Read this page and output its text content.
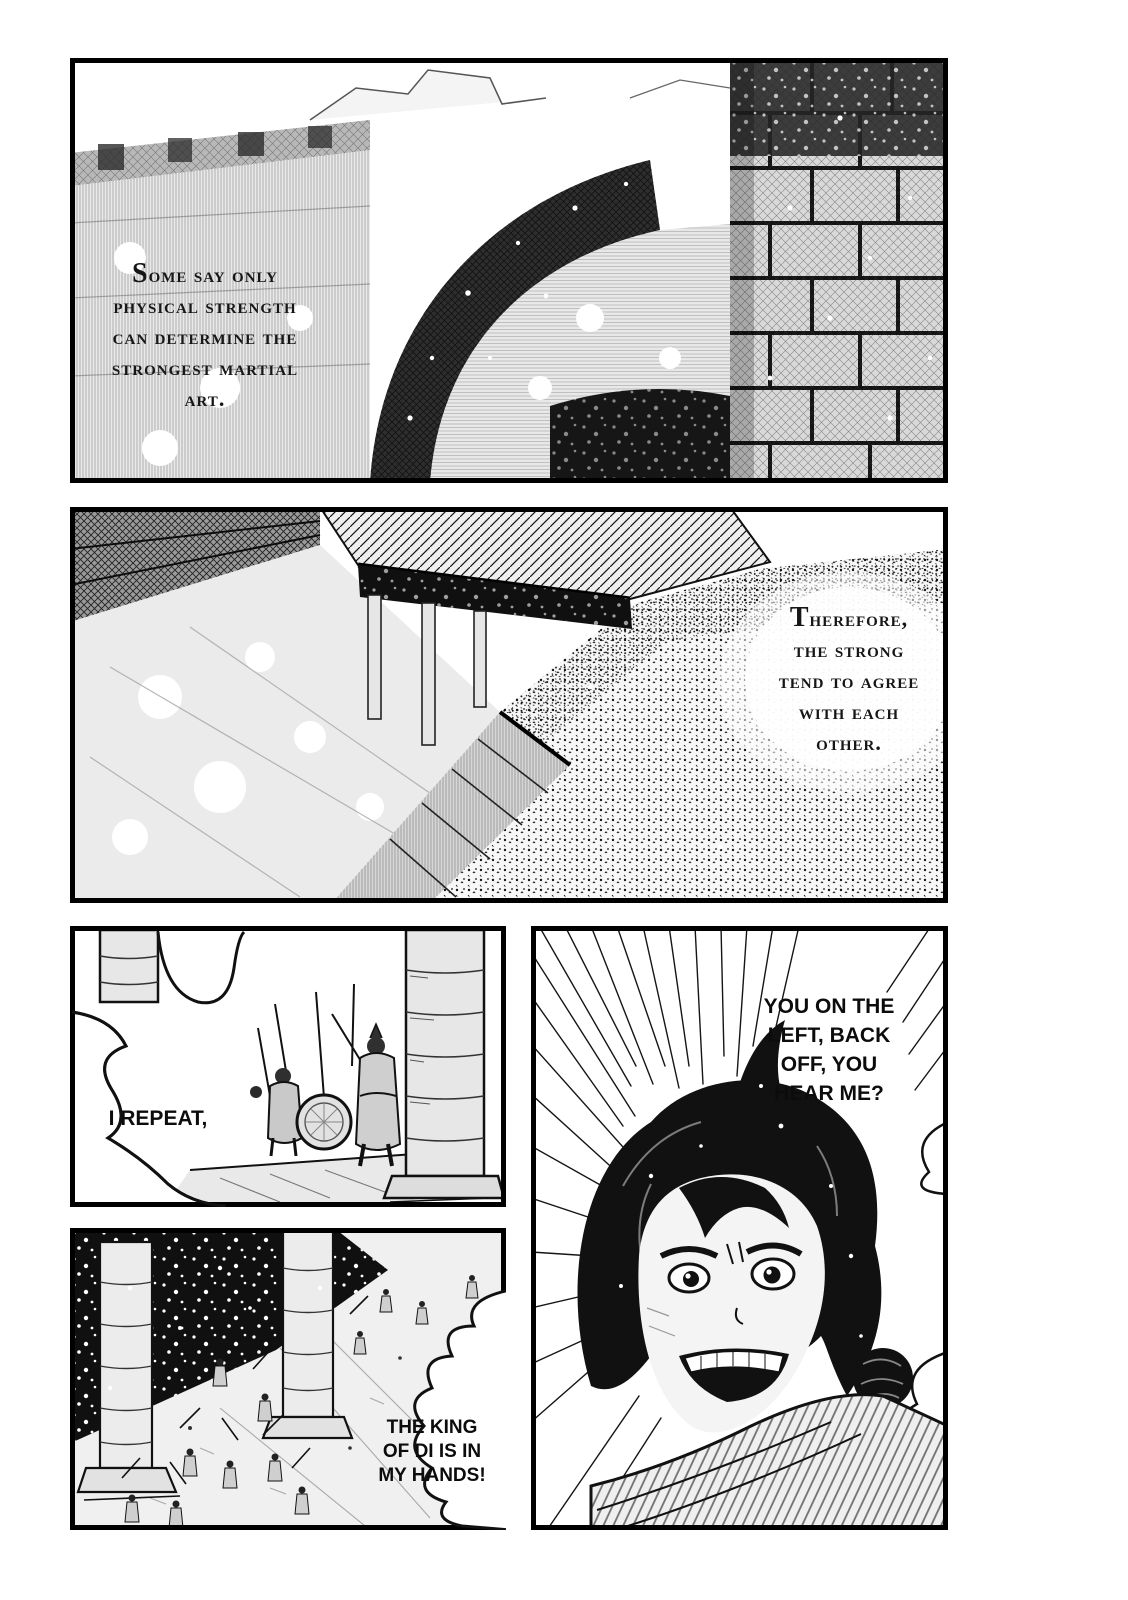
Some say only
physical strength
can determine the
strongest martial
art.
Therefore,
the strong
tend to agree
with each
other.
I REPEAT,
YOU ON THE
LEFT, BACK
OFF, YOU
HEAR ME?
THE KING
OF DI IS IN
MY HANDS!
